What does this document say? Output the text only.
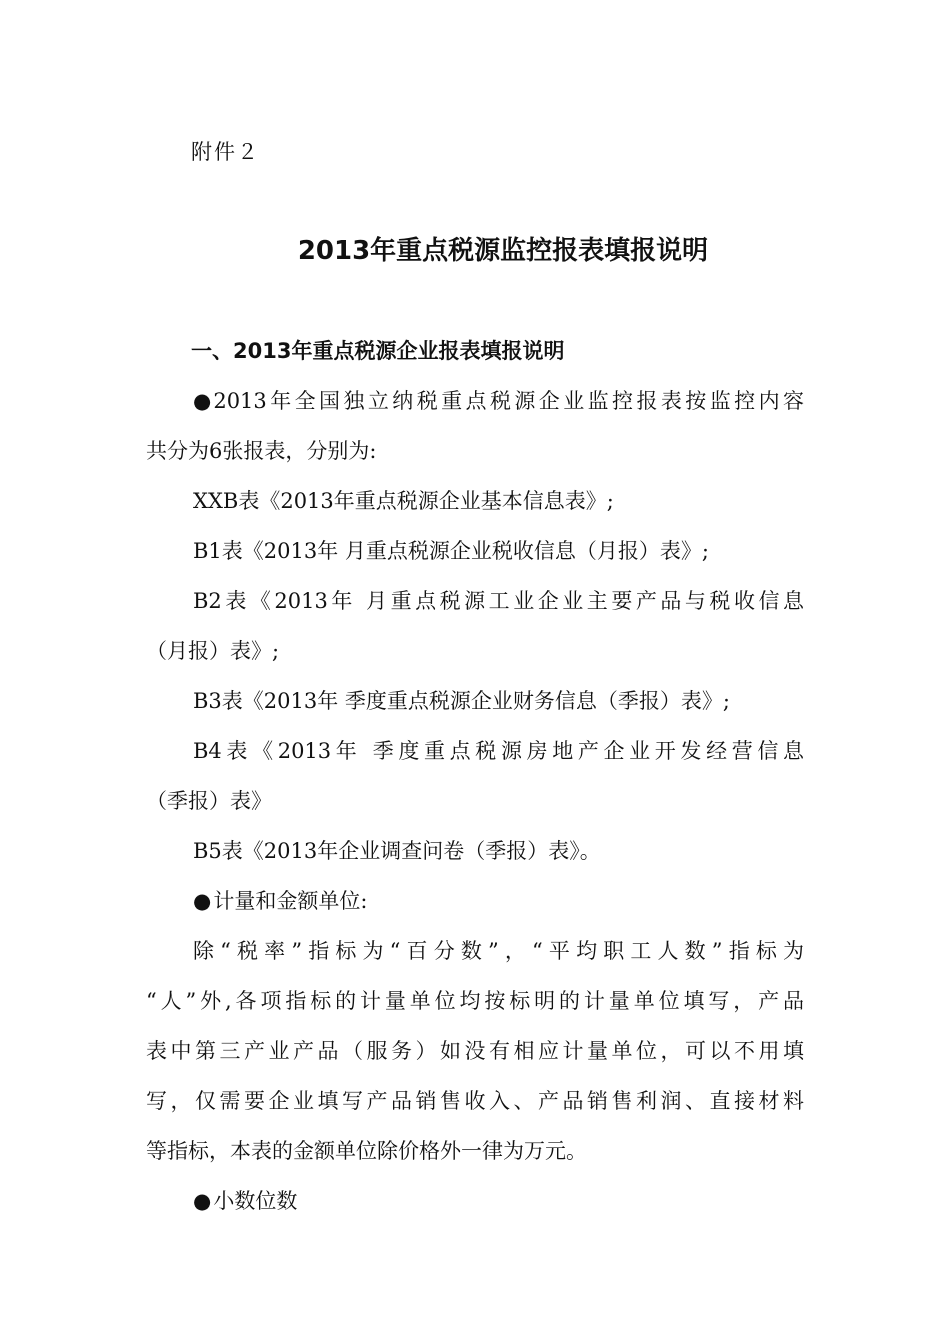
附件２
2013年重点税源监控报表填报说明
一、2013年重点税源企业报表填报说明
●2013年全国独立纳税重点税源企业监控报表按监控内容
共分为6张报表，分别为:
XXB表《2013年重点税源企业基本信息表》;
B1表《2013年 月重点税源企业税收信息（月报）表》;
B2表《2013年 月重点税源工业企业主要产品与税收信息
（月报）表》;
B3表《2013年 季度重点税源企业财务信息（季报）表》;
B4表《2013年 季度重点税源房地产企业开发经营信息
（季报）表》
B5表《2013年企业调查问卷（季报）表》。
●计量和金额单位:
除“税率”指标为“百分数”，“平均职工人数”指标为
“人”外,各项指标的计量单位均按标明的计量单位填写，产品
表中第三产业产品（服务）如没有相应计量单位，可以不用填
写，仅需要企业填写产品销售收入、产品销售利润、直接材料
等指标，本表的金额单位除价格外一律为万元。
●小数位数
